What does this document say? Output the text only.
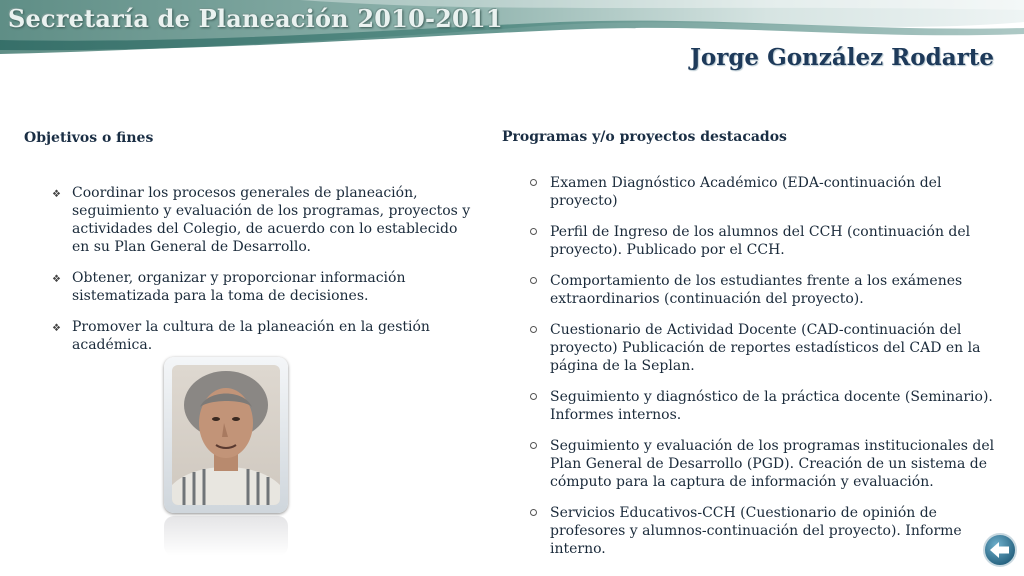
Secretaría de Planeación 2010-2011
Jorge González Rodarte
Objetivos o fines
❖ Coordinar los procesos generales de planeación, seguimiento y evaluación de los programas, proyectos y actividades del Colegio, de acuerdo con lo establecido en su Plan General de Desarrollo.
❖ Obtener, organizar y proporcionar información sistematizada para la toma de decisiones.
❖ Promover la cultura de la planeación en la gestión académica.
Programas y/o proyectos destacados
Examen Diagnóstico Académico (EDA-continuación del proyecto)
Perfil de Ingreso de los alumnos del CCH (continuación del proyecto). Publicado por el CCH.
Comportamiento de los estudiantes frente a los exámenes extraordinarios (continuación del proyecto).
Cuestionario de Actividad Docente (CAD-continuación del proyecto) Publicación de reportes estadísticos del CAD en la página de la Seplan.
Seguimiento y diagnóstico de la práctica docente (Seminario). Informes internos.
Seguimiento y evaluación de los programas institucionales del Plan General de Desarrollo (PGD). Creación de un sistema de cómputo para la captura de información y evaluación.
Servicios Educativos-CCH (Cuestionario de opinión de profesores y alumnos-continuación del proyecto). Informe interno.
